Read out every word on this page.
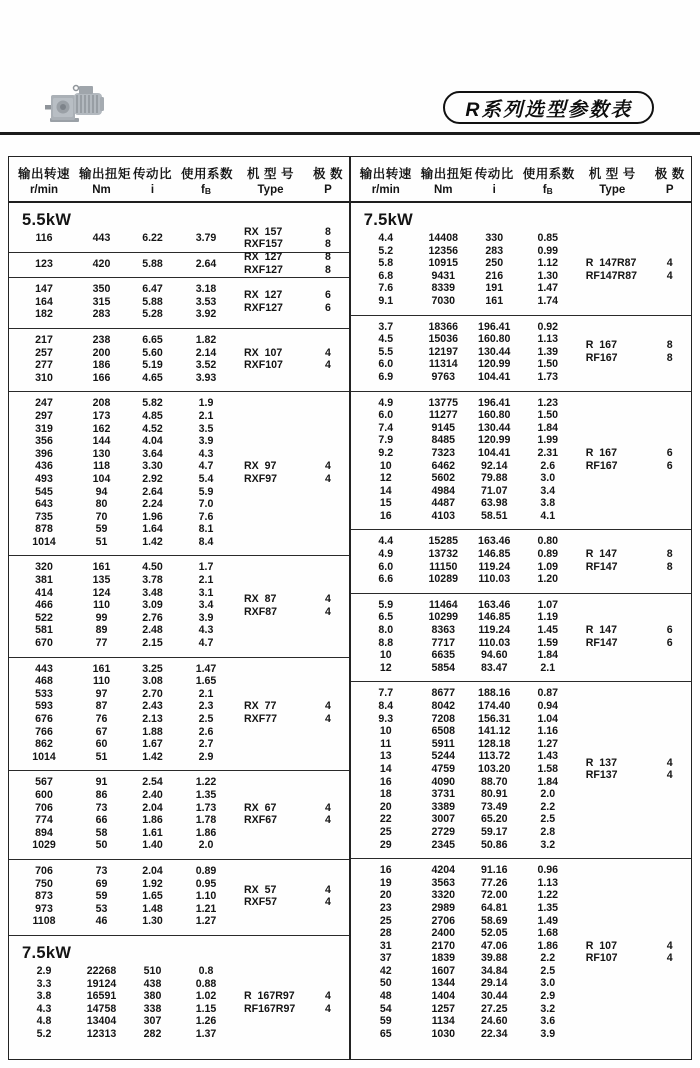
R系列选型参数表
输出转速 输出扭矩 传动比 使用系数	机 型 号	极 数
r/min	Nm	i	fB	Type	P
5.5kW
116	443	6.22	3.79
RX  157	8
RXF157	8
123	420	5.88	2.64
RX  127	8
RXF127	8
147	350	6.47	3.18
164	315	5.88	3.53
182	283	5.28	3.92
RX  127	6
RXF127	6
217	238	6.65	1.82
257	200	5.60	2.14
277	186	5.19	3.52
310	166	4.65	3.93
RX  107	4
RXF107	4
247	208	5.82	1.9
297	173	4.85	2.1
319	162	4.52	3.5
356	144	4.04	3.9
396	130	3.64	4.3
436	118	3.30	4.7
493	104	2.92	5.4
545	94	2.64	5.9
643	80	2.24	7.0
735	70	1.96	7.6
878	59	1.64	8.1
1014	51	1.42	8.4
RX  97	4
RXF97	4
320	161	4.50	1.7
381	135	3.78	2.1
414	124	3.48	3.1
466	110	3.09	3.4
522	99	2.76	3.9
581	89	2.48	4.3
670	77	2.15	4.7
RX  87	4
RXF87	4
443	161	3.25	1.47
468	110	3.08	1.65
533	97	2.70	2.1
593	87	2.43	2.3
676	76	2.13	2.5
766	67	1.88	2.6
862	60	1.67	2.7
1014	51	1.42	2.9
RX  77	4
RXF77	4
567	91	2.54	1.22
600	86	2.40	1.35
706	73	2.04	1.73
774	66	1.86	1.78
894	58	1.61	1.86
1029	50	1.40	2.0
RX  67	4
RXF67	4
706	73	2.04	0.89
750	69	1.92	0.95
873	59	1.65	1.10
973	53	1.48	1.21
1108	46	1.30	1.27
RX  57	4
RXF57	4
7.5kW
2.9	22268	510	0.8
3.3	19124	438	0.88
3.8	16591	380	1.02
4.3	14758	338	1.15
4.8	13404	307	1.26
5.2	12313	282	1.37
R  167R97	4
RF167R97	4
输出转速 输出扭矩 传动比 使用系数	机 型 号	极 数
r/min	Nm	i	fB	Type	P
7.5kW
4.4	14408	330	0.85
5.2	12356	283	0.99
5.8	10915	250	1.12
6.8	9431	216	1.30
7.6	8339	191	1.47
9.1	7030	161	1.74
R  147R87	4
RF147R87	4
3.7	18366	196.41	0.92
4.5	15036	160.80	1.13
5.5	12197	130.44	1.39
6.0	11314	120.99	1.50
6.9	9763	104.41	1.73
R  167	8
RF167	8
4.9	13775	196.41	1.23
6.0	11277	160.80	1.50
7.4	9145	130.44	1.84
7.9	8485	120.99	1.99
9.2	7323	104.41	2.31
10	6462	92.14	2.6
12	5602	79.88	3.0
14	4984	71.07	3.4
15	4487	63.98	3.8
16	4103	58.51	4.1
R  167	6
RF167	6
4.4	15285	163.46	0.80
4.9	13732	146.85	0.89
6.0	11150	119.24	1.09
6.6	10289	110.03	1.20
R  147	8
RF147	8
5.9	11464	163.46	1.07
6.5	10299	146.85	1.19
8.0	8363	119.24	1.45
8.8	7717	110.03	1.59
10	6635	94.60	1.84
12	5854	83.47	2.1
R  147	6
RF147	6
7.7	8677	188.16	0.87
8.4	8042	174.40	0.94
9.3	7208	156.31	1.04
10	6508	141.12	1.16
11	5911	128.18	1.27
13	5244	113.72	1.43
14	4759	103.20	1.58
16	4090	88.70	1.84
18	3731	80.91	2.0
20	3389	73.49	2.2
22	3007	65.20	2.5
25	2729	59.17	2.8
29	2345	50.86	3.2
R  137	4
RF137	4
16	4204	91.16	0.96
19	3563	77.26	1.13
20	3320	72.00	1.22
23	2989	64.81	1.35
25	2706	58.69	1.49
28	2400	52.05	1.68
31	2170	47.06	1.86
37	1839	39.88	2.2
42	1607	34.84	2.5
50	1344	29.14	3.0
48	1404	30.44	2.9
54	1257	27.25	3.2
59	1134	24.60	3.6
65	1030	22.34	3.9
R  107	4
RF107	4
